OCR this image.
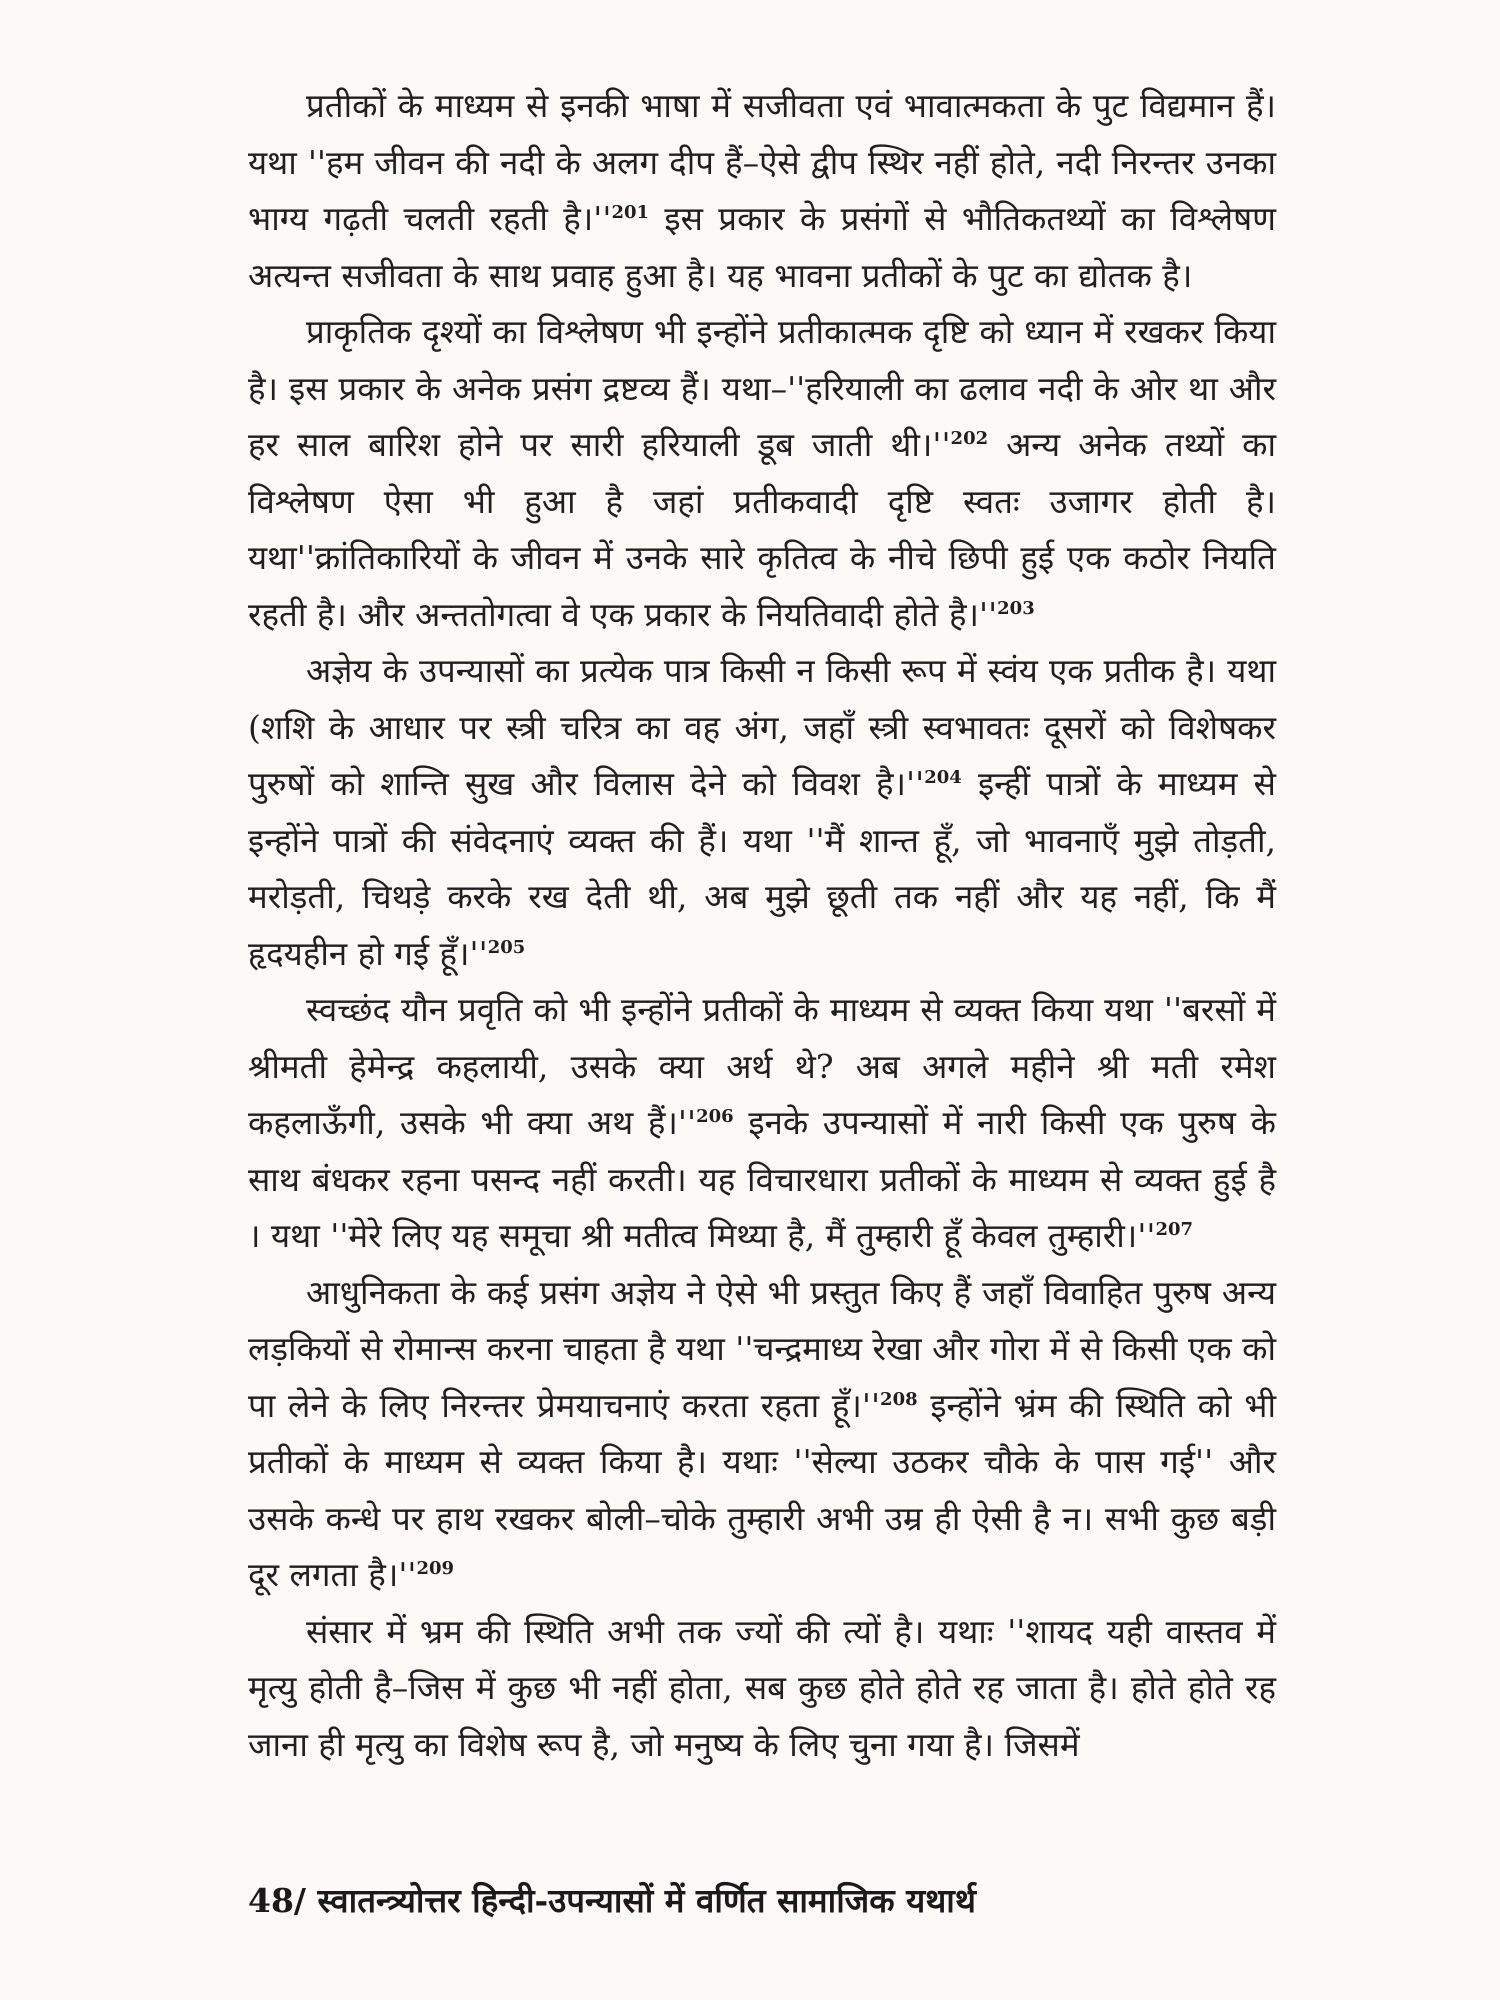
प्रतीकों के माध्यम से इनकी भाषा में सजीवता एवं भावात्मकता के पुट विद्यमान हैं। यथा ''हम जीवन की नदी के अलग दीप हैं–ऐसे द्वीप स्थिर नहीं होते, नदी निरन्तर उनका भाग्य गढ़ती चलती रहती $है।''^{201}$ इस प्रकार के प्रसंगों से भौतिकतथ्यों का विश्लेषण अत्यन्त सजीवता के साथ प्रवाह हुआ है। यह भावना प्रतीकों के पुट का द्योतक है।

प्राकृतिक दृश्यों का विश्लेषण भी इन्होंने प्रतीकात्मक दृष्टि को ध्यान में रखकर किया है। इस प्रकार के अनेक प्रसंग द्रष्टव्य हैं। यथा–''हरियाली का ढलाव नदी के ओर था और हर साल बारिश होने पर सारी हरियाली डूब जाती $थी।''^{202}$ अन्य अनेक तथ्यों का विश्लेषण ऐसा भी हुआ है जहां प्रतीकवादी दृष्टि स्वतः उजागर होती है। यथा''क्रांतिकारियों के जीवन में उनके सारे कृतित्व के नीचे छिपी हुई एक कठोर नियति रहती है। और अन्ततोगत्वा वे एक प्रकार के नियतिवादी होते $है।''^{203}$

अज्ञेय के उपन्यासों का प्रत्येक पात्र किसी न किसी रूप में स्वंय एक प्रतीक है। यथा (शशि के आधार पर स्त्री चरित्र का वह अंग, जहाँ स्त्री स्वभावतः दूसरों को विशेषकर पुरुषों को शान्ति सुख और विलास देने को विवश $है।''^{204}$ इन्हीं पात्रों के माध्यम से इन्होंने पात्रों की संवेदनाएं व्यक्त की हैं। यथा ''मैं शान्त हूँ, जो भावनाएँ मुझे तोड़ती, मरोड़ती, चिथड़े करके रख देती थी, अब मुझे छूती तक नहीं और यह नहीं, कि मैं हृदयहीन हो गई $हूँ।''^{205}$

स्वच्छंद यौन प्रवृति को भी इन्होंने प्रतीकों के माध्यम से व्यक्त किया यथा ''बरसों में श्रीमती हेमेन्द्र कहलायी, उसके क्या अर्थ थे? अब अगले महीने श्री मती रमेश कहलाऊँगी, उसके भी क्या अथ $हैं।''^{206}$ इनके उपन्यासों में नारी किसी एक पुरुष के साथ बंधकर रहना पसन्द नहीं करती। यह विचारधारा प्रतीकों के माध्यम से व्यक्त हुई है । यथा ''मेरे लिए यह समूचा श्री मतीत्व मिथ्या है, मैं तुम्हारी हूँ केवल $तुम्हारी।''^{207}$

आधुनिकता के कई प्रसंग अज्ञेय ने ऐसे भी प्रस्तुत किए हैं जहाँ विवाहित पुरुष अन्य लड़कियों से रोमान्स करना चाहता है यथा ''चन्द्रमाध्य रेखा और गोरा में से किसी एक को पा लेने के लिए निरन्तर प्रेमयाचनाएं करता रहता $हूँ।''^{208}$ इन्होंने भ्रंम की स्थिति को भी प्रतीकों के माध्यम से व्यक्त किया है। यथाः ''सेल्या उठकर चौके के पास गई'' और उसके कन्धे पर हाथ रखकर बोली–चोके तुम्हारी अभी उम्र ही ऐसी है न। सभी कुछ बड़ी दूर लगता $है।''^{209}$

संसार में भ्रम की स्थिति अभी तक ज्यों की त्यों है। यथाः ''शायद यही वास्तव में मृत्यु होती है–जिस में कुछ भी नहीं होता, सब कुछ होते होते रह जाता है। होते होते रह जाना ही मृत्यु का विशेष रूप है, जो मनुष्य के लिए चुना गया है। जिसमें

48/ स्वातन्त्र्योत्तर हिन्दी-उपन्यासों में वर्णित सामाजिक यथार्थ
